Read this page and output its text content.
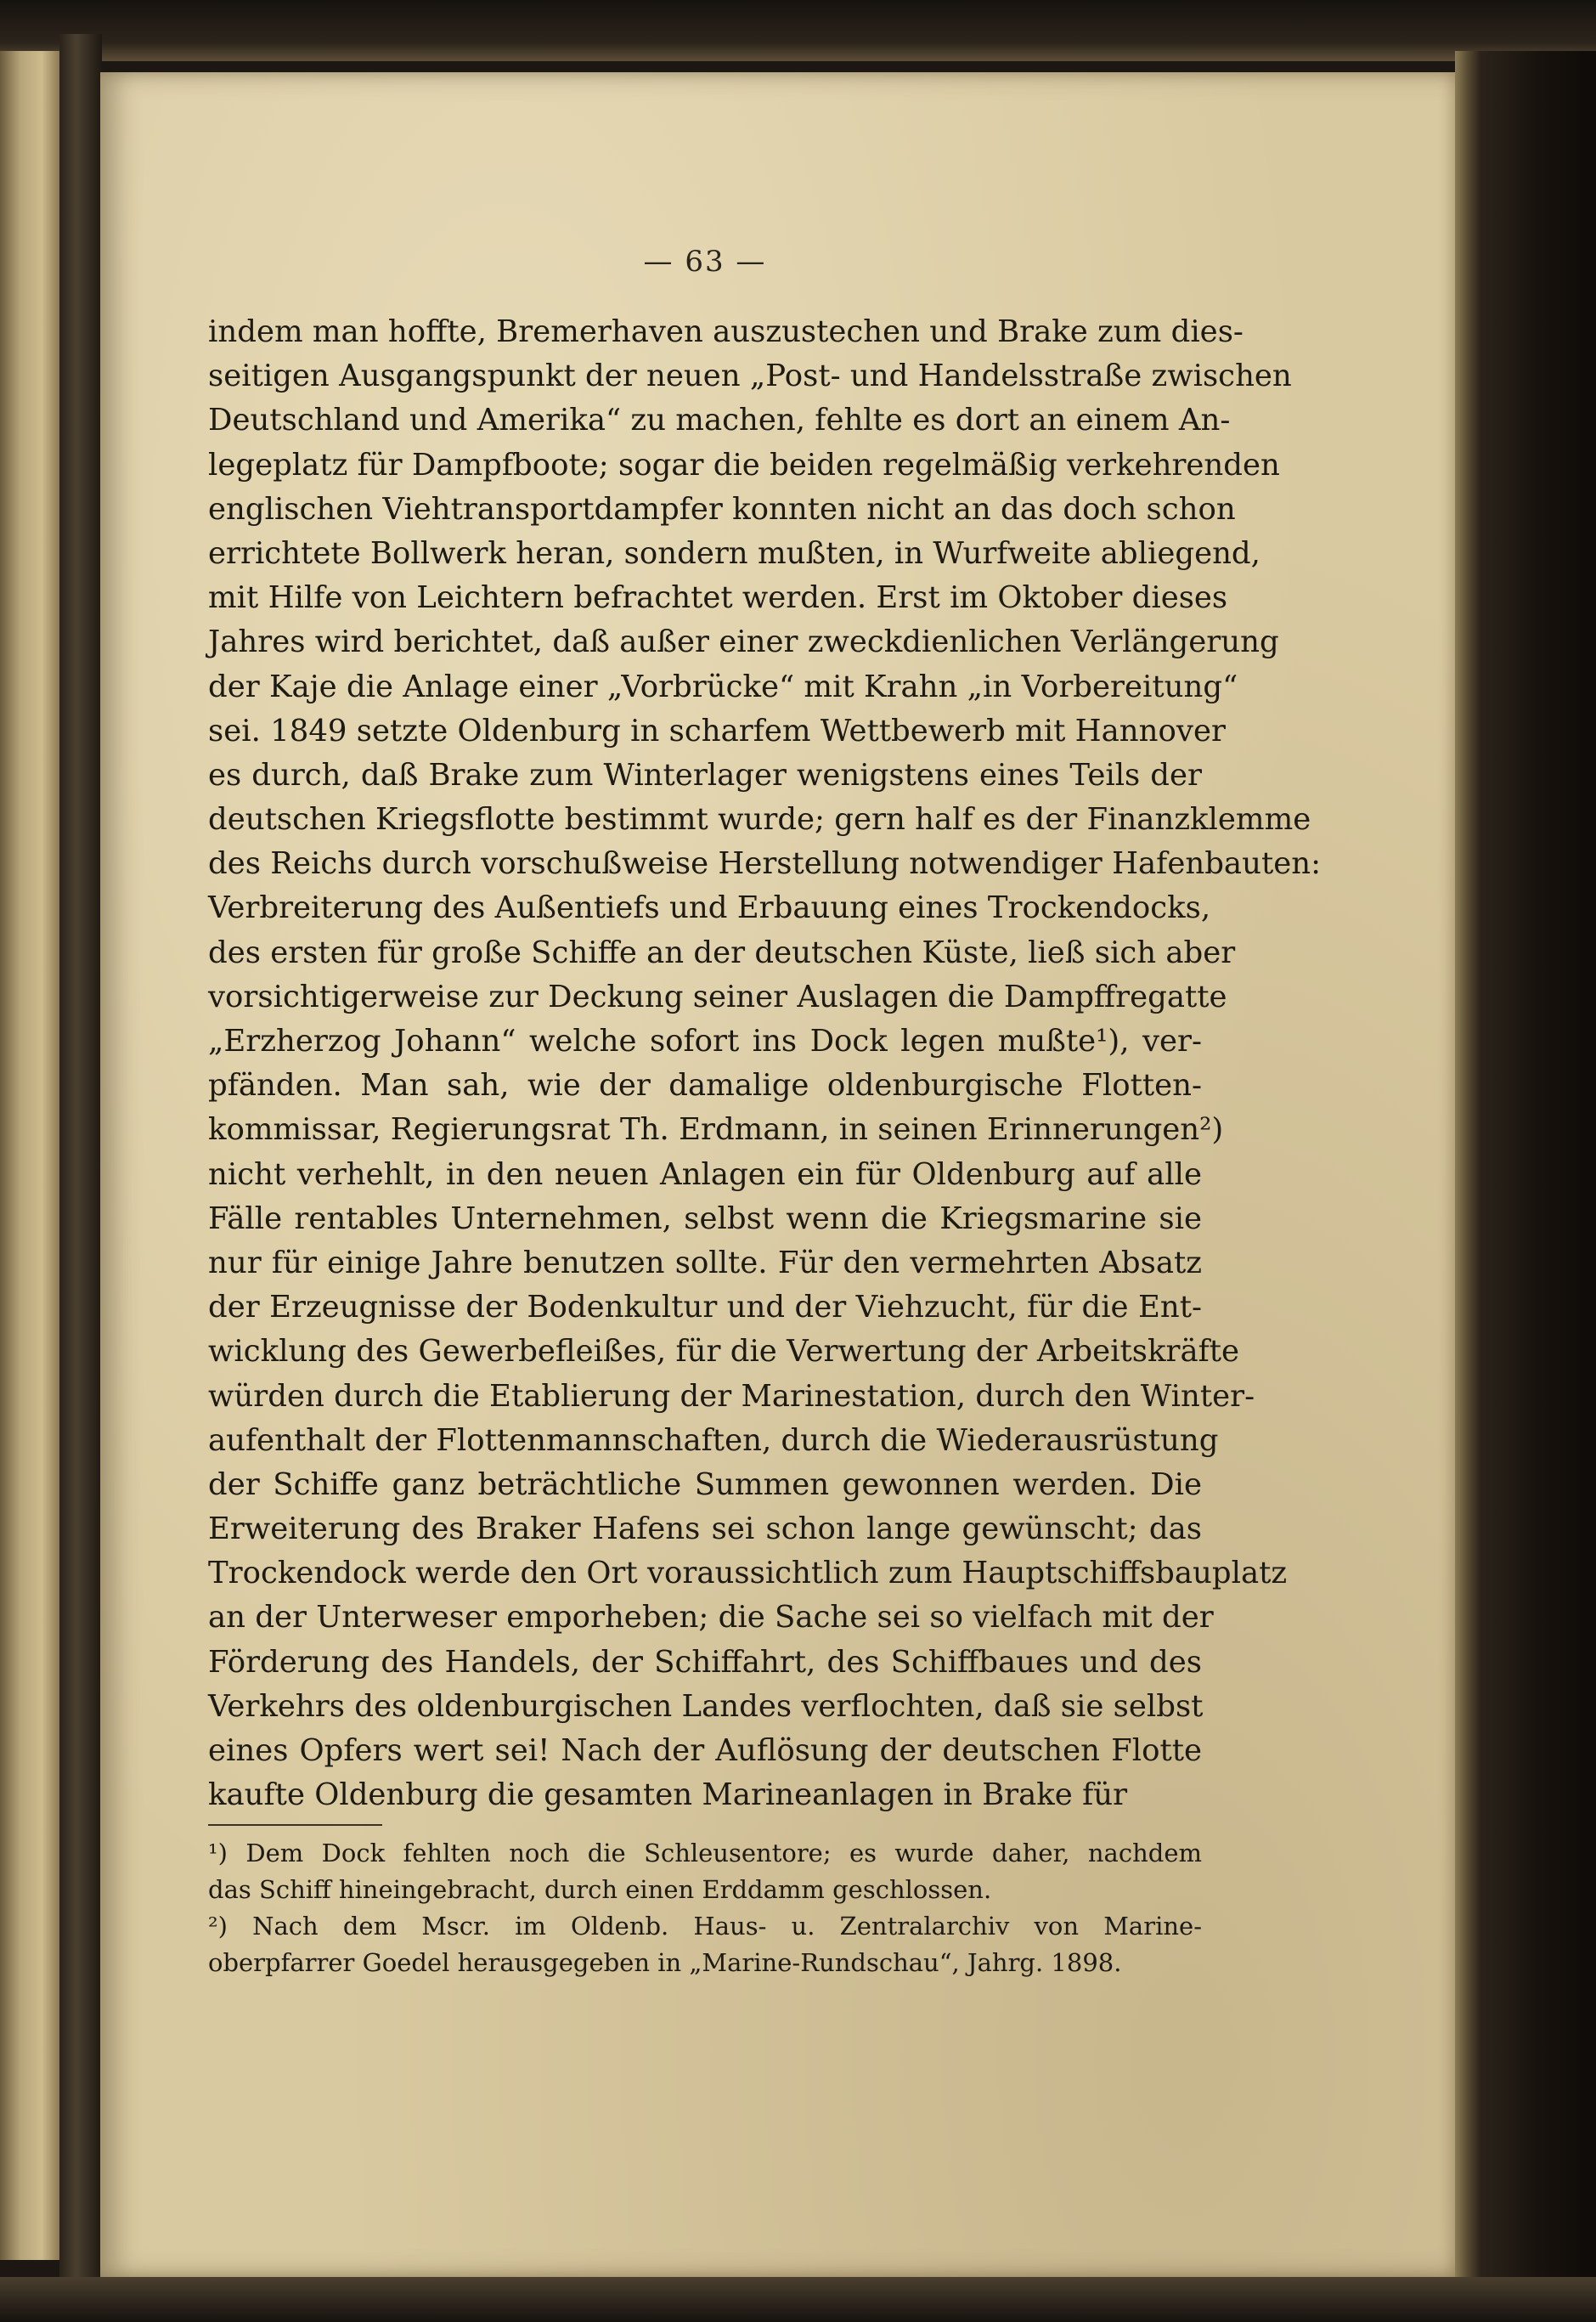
— 63 —
indem man hoffte, Bremerhaven auszustechen und Brake zum dies-
seitigen Ausgangspunkt der neuen „Post- und Handelsstraße zwischen
Deutschland und Amerika“ zu machen, fehlte es dort an einem An-
legeplatz für Dampfboote; sogar die beiden regelmäßig verkehrenden
englischen Viehtransportdampfer konnten nicht an das doch schon
errichtete Bollwerk heran, sondern mußten, in Wurfweite abliegend,
mit Hilfe von Leichtern befrachtet werden. Erst im Oktober dieses
Jahres wird berichtet, daß außer einer zweckdienlichen Verlängerung
der Kaje die Anlage einer „Vorbrücke“ mit Krahn „in Vorbereitung“
sei. 1849 setzte Oldenburg in scharfem Wettbewerb mit Hannover
es durch, daß Brake zum Winterlager wenigstens eines Teils der
deutschen Kriegsflotte bestimmt wurde; gern half es der Finanzklemme
des Reichs durch vorschußweise Herstellung notwendiger Hafenbauten:
Verbreiterung des Außentiefs und Erbauung eines Trockendocks,
des ersten für große Schiffe an der deutschen Küste, ließ sich aber
vorsichtigerweise zur Deckung seiner Auslagen die Dampffregatte
„Erzherzog Johann“ welche sofort ins Dock legen mußte¹), ver-
pfänden. Man sah, wie der damalige oldenburgische Flotten-
kommissar, Regierungsrat Th. Erdmann, in seinen Erinnerungen²)
nicht verhehlt, in den neuen Anlagen ein für Oldenburg auf alle
Fälle rentables Unternehmen, selbst wenn die Kriegsmarine sie
nur für einige Jahre benutzen sollte. Für den vermehrten Absatz
der Erzeugnisse der Bodenkultur und der Viehzucht, für die Ent-
wicklung des Gewerbefleißes, für die Verwertung der Arbeitskräfte
würden durch die Etablierung der Marinestation, durch den Winter-
aufenthalt der Flottenmannschaften, durch die Wiederausrüstung
der Schiffe ganz beträchtliche Summen gewonnen werden. Die
Erweiterung des Braker Hafens sei schon lange gewünscht; das
Trockendock werde den Ort voraussichtlich zum Hauptschiffsbauplatz
an der Unterweser emporheben; die Sache sei so vielfach mit der
Förderung des Handels, der Schiffahrt, des Schiffbaues und des
Verkehrs des oldenburgischen Landes verflochten, daß sie selbst
eines Opfers wert sei! Nach der Auflösung der deutschen Flotte
kaufte Oldenburg die gesamten Marineanlagen in Brake für
¹) Dem Dock fehlten noch die Schleusentore; es wurde daher, nachdem
das Schiff hineingebracht, durch einen Erddamm geschlossen.
²) Nach dem Mscr. im Oldenb. Haus- u. Zentralarchiv von Marine-
oberpfarrer Goedel herausgegeben in „Marine-Rundschau“, Jahrg. 1898.
